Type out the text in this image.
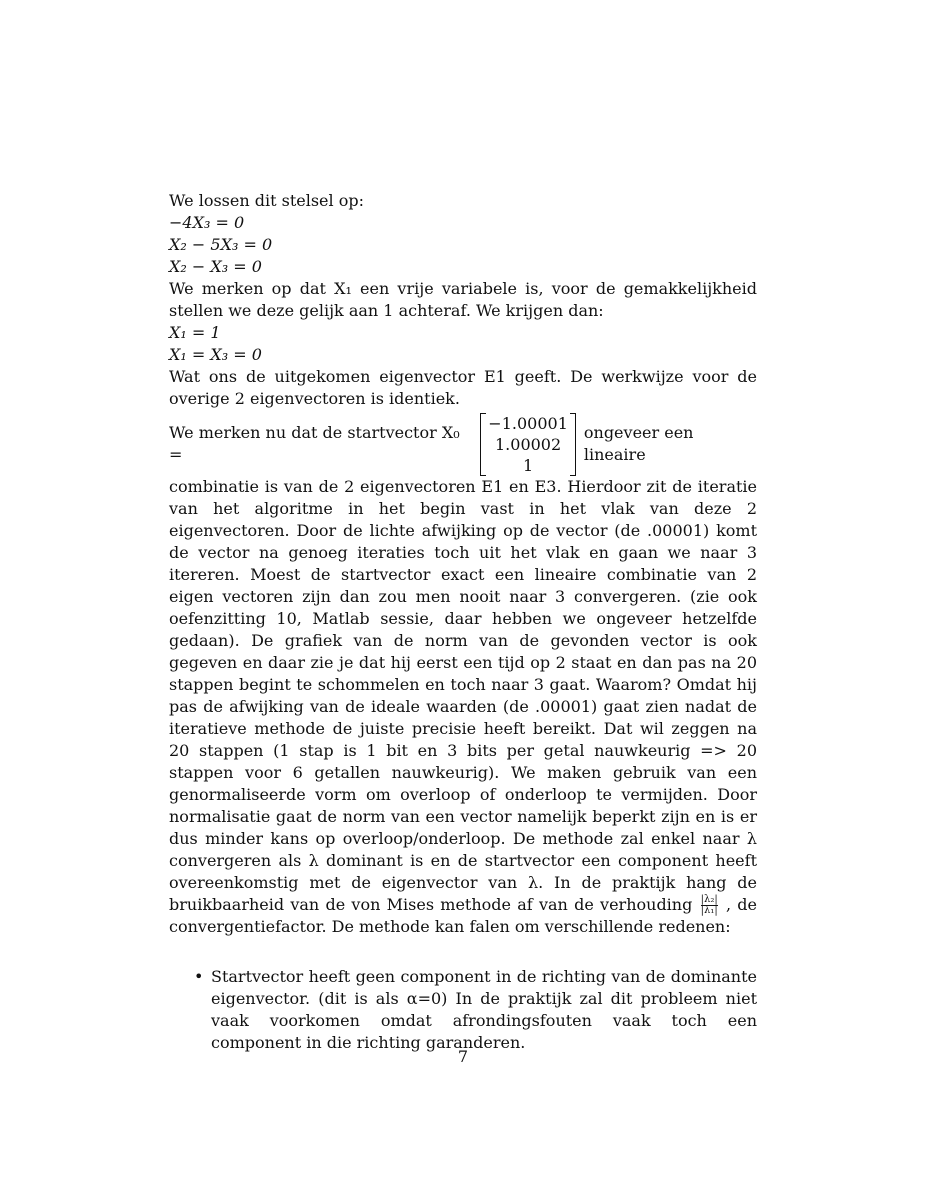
We lossen dit stelsel op:
−4X₃ = 0
X₂ − 5X₃ = 0
X₂ − X₃ = 0
We merken op dat X₁ een vrije variabele is, voor de gemakkelijkheid stellen we deze gelijk aan 1 achteraf. We krijgen dan:
X₁ = 1
X₁ = X₃ = 0
Wat ons de uitgekomen eigenvector E1 geeft. De werkwijze voor de overige 2 eigenvectoren is identiek.
We merken nu dat de startvector X₀ =
−1.00001
1.00002
1
ongeveer een lineaire
combinatie is van de 2 eigenvectoren E1 en E3. Hierdoor zit de iteratie van het algoritme in het begin vast in het vlak van deze 2 eigenvectoren. Door de lichte afwijking op de vector (de .00001) komt de vector na genoeg iteraties toch uit het vlak en gaan we naar 3 itereren. Moest de startvector exact een lineaire combinatie van 2 eigen vectoren zijn dan zou men nooit naar 3 convergeren. (zie ook oefenzitting 10, Matlab sessie, daar hebben we ongeveer hetzelfde gedaan). De grafiek van de norm van de gevonden vector is ook gegeven en daar zie je dat hij eerst een tijd op 2 staat en dan pas na 20 stappen begint te schommelen en toch naar 3 gaat. Waarom? Omdat hij pas de afwijking van de ideale waarden (de .00001) gaat zien nadat de iteratieve methode de juiste precisie heeft bereikt. Dat wil zeggen na 20 stappen (1 stap is 1 bit en 3 bits per getal nauwkeurig => 20 stappen voor 6 getallen nauwkeurig). We maken gebruik van een genormaliseerde vorm om overloop of onderloop te vermijden. Door normalisatie gaat de norm van een vector namelijk beperkt zijn en is er dus minder kans op overloop/onderloop. De methode zal enkel naar λ convergeren als λ dominant is en de startvector een component heeft overeenkomstig met de eigenvector van λ. In de praktijk hang de bruikbaarheid van de von Mises methode af van de verhouding $\frac{\text{|λ₂|}}{\text{|λ₁|}}$ , de convergentiefactor. De methode kan falen om verschillende redenen:
• Startvector heeft geen component in de richting van de dominante eigenvector. (dit is als α=0) In de praktijk zal dit probleem niet vaak voorkomen omdat afrondingsfouten vaak toch een component in die richting garanderen.
7
